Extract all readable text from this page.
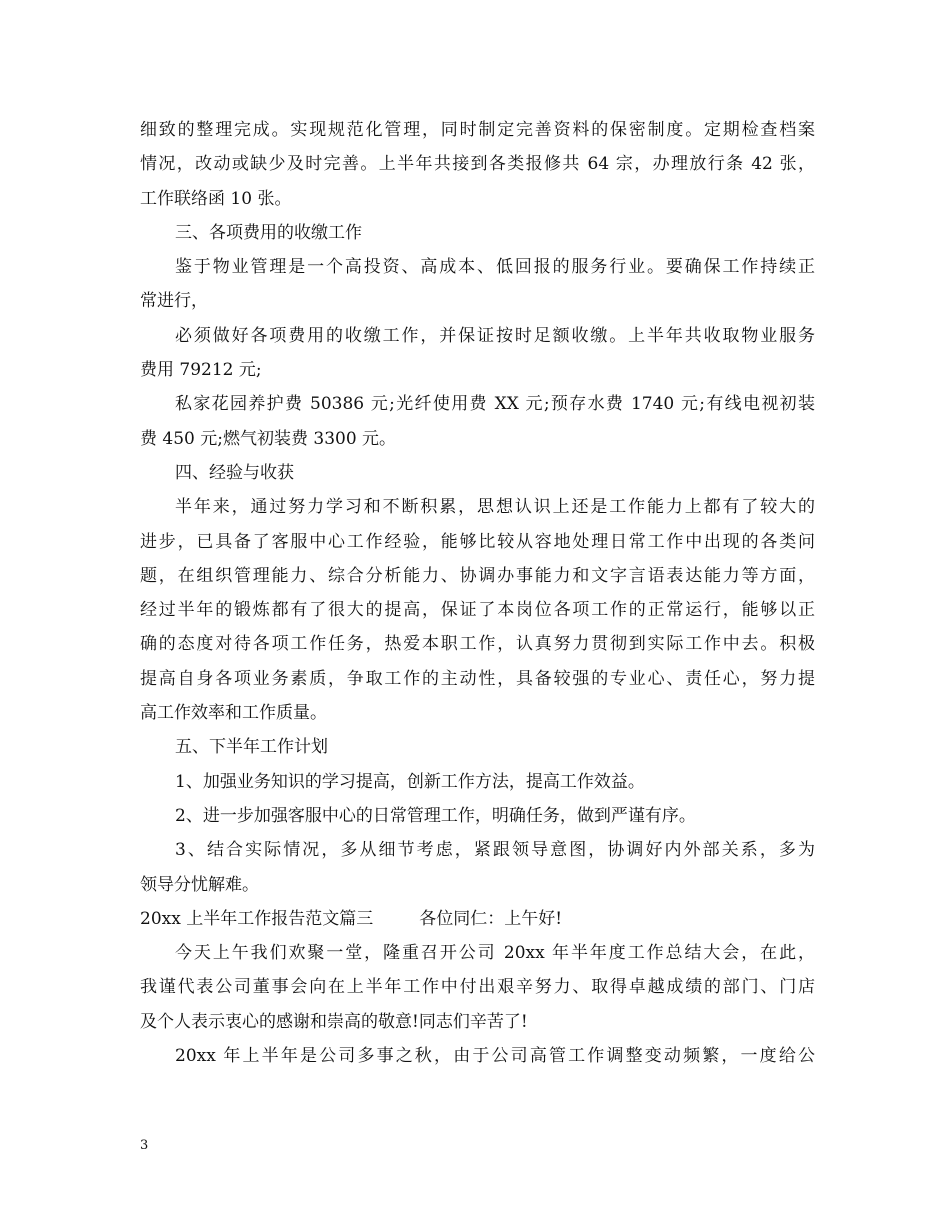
细致的整理完成。实现规范化管理，同时制定完善资料的保密制度。定期检查档案
情况，改动或缺少及时完善。上半年共接到各类报修共 64 宗，办理放行条 42 张，
工作联络函 10 张。
三、各项费用的收缴工作
鉴于物业管理是一个高投资、高成本、低回报的服务行业。要确保工作持续正
常进行，
必须做好各项费用的收缴工作，并保证按时足额收缴。上半年共收取物业服务
费用 79212 元;
私家花园养护费 50386 元;光纤使用费 XX 元;预存水费 1740 元;有线电视初装
费 450 元;燃气初装费 3300 元。
四、经验与收获
半年来，通过努力学习和不断积累，思想认识上还是工作能力上都有了较大的
进步，已具备了客服中心工作经验，能够比较从容地处理日常工作中出现的各类问
题，在组织管理能力、综合分析能力、协调办事能力和文字言语表达能力等方面，
经过半年的锻炼都有了很大的提高，保证了本岗位各项工作的正常运行，能够以正
确的态度对待各项工作任务，热爱本职工作，认真努力贯彻到实际工作中去。积极
提高自身各项业务素质，争取工作的主动性，具备较强的专业心、责任心，努力提
高工作效率和工作质量。
五、下半年工作计划
1、加强业务知识的学习提高，创新工作方法，提高工作效益。
2、进一步加强客服中心的日常管理工作，明确任务，做到严谨有序。
3、结合实际情况，多从细节考虑，紧跟领导意图，协调好内外部关系，多为
领导分忧解难。
20xx 上半年工作报告范文篇三	各位同仁：上午好!
今天上午我们欢聚一堂，隆重召开公司 20xx 年半年度工作总结大会，在此，
我谨代表公司董事会向在上半年工作中付出艰辛努力、取得卓越成绩的部门、门店
及个人表示衷心的感谢和崇高的敬意!同志们辛苦了!
20xx 年上半年是公司多事之秋，由于公司高管工作调整变动频繁，一度给公
3
